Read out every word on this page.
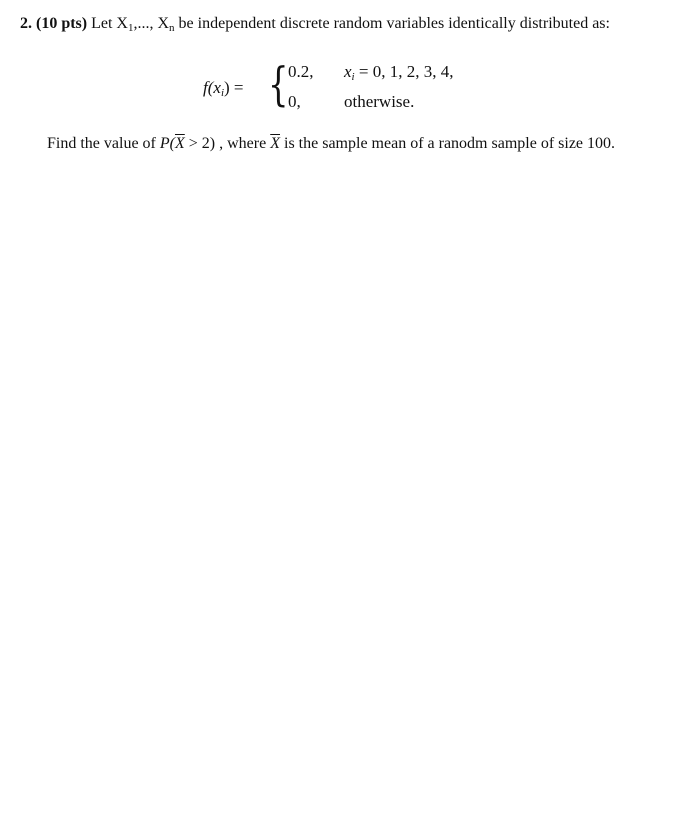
2. (10 pts) Let $X_1$,..., $X_n$ be independent discrete random variables identically distributed as:
$f(x_i)$ = { 0.2, $x_i = 0$, 1, 2, 3, 4,
0,	otherwise.
Find the value of $P(\overline{X} > 2)$ , where $\overline{X}$ is the sample mean of a ranodm sample of size 100.
